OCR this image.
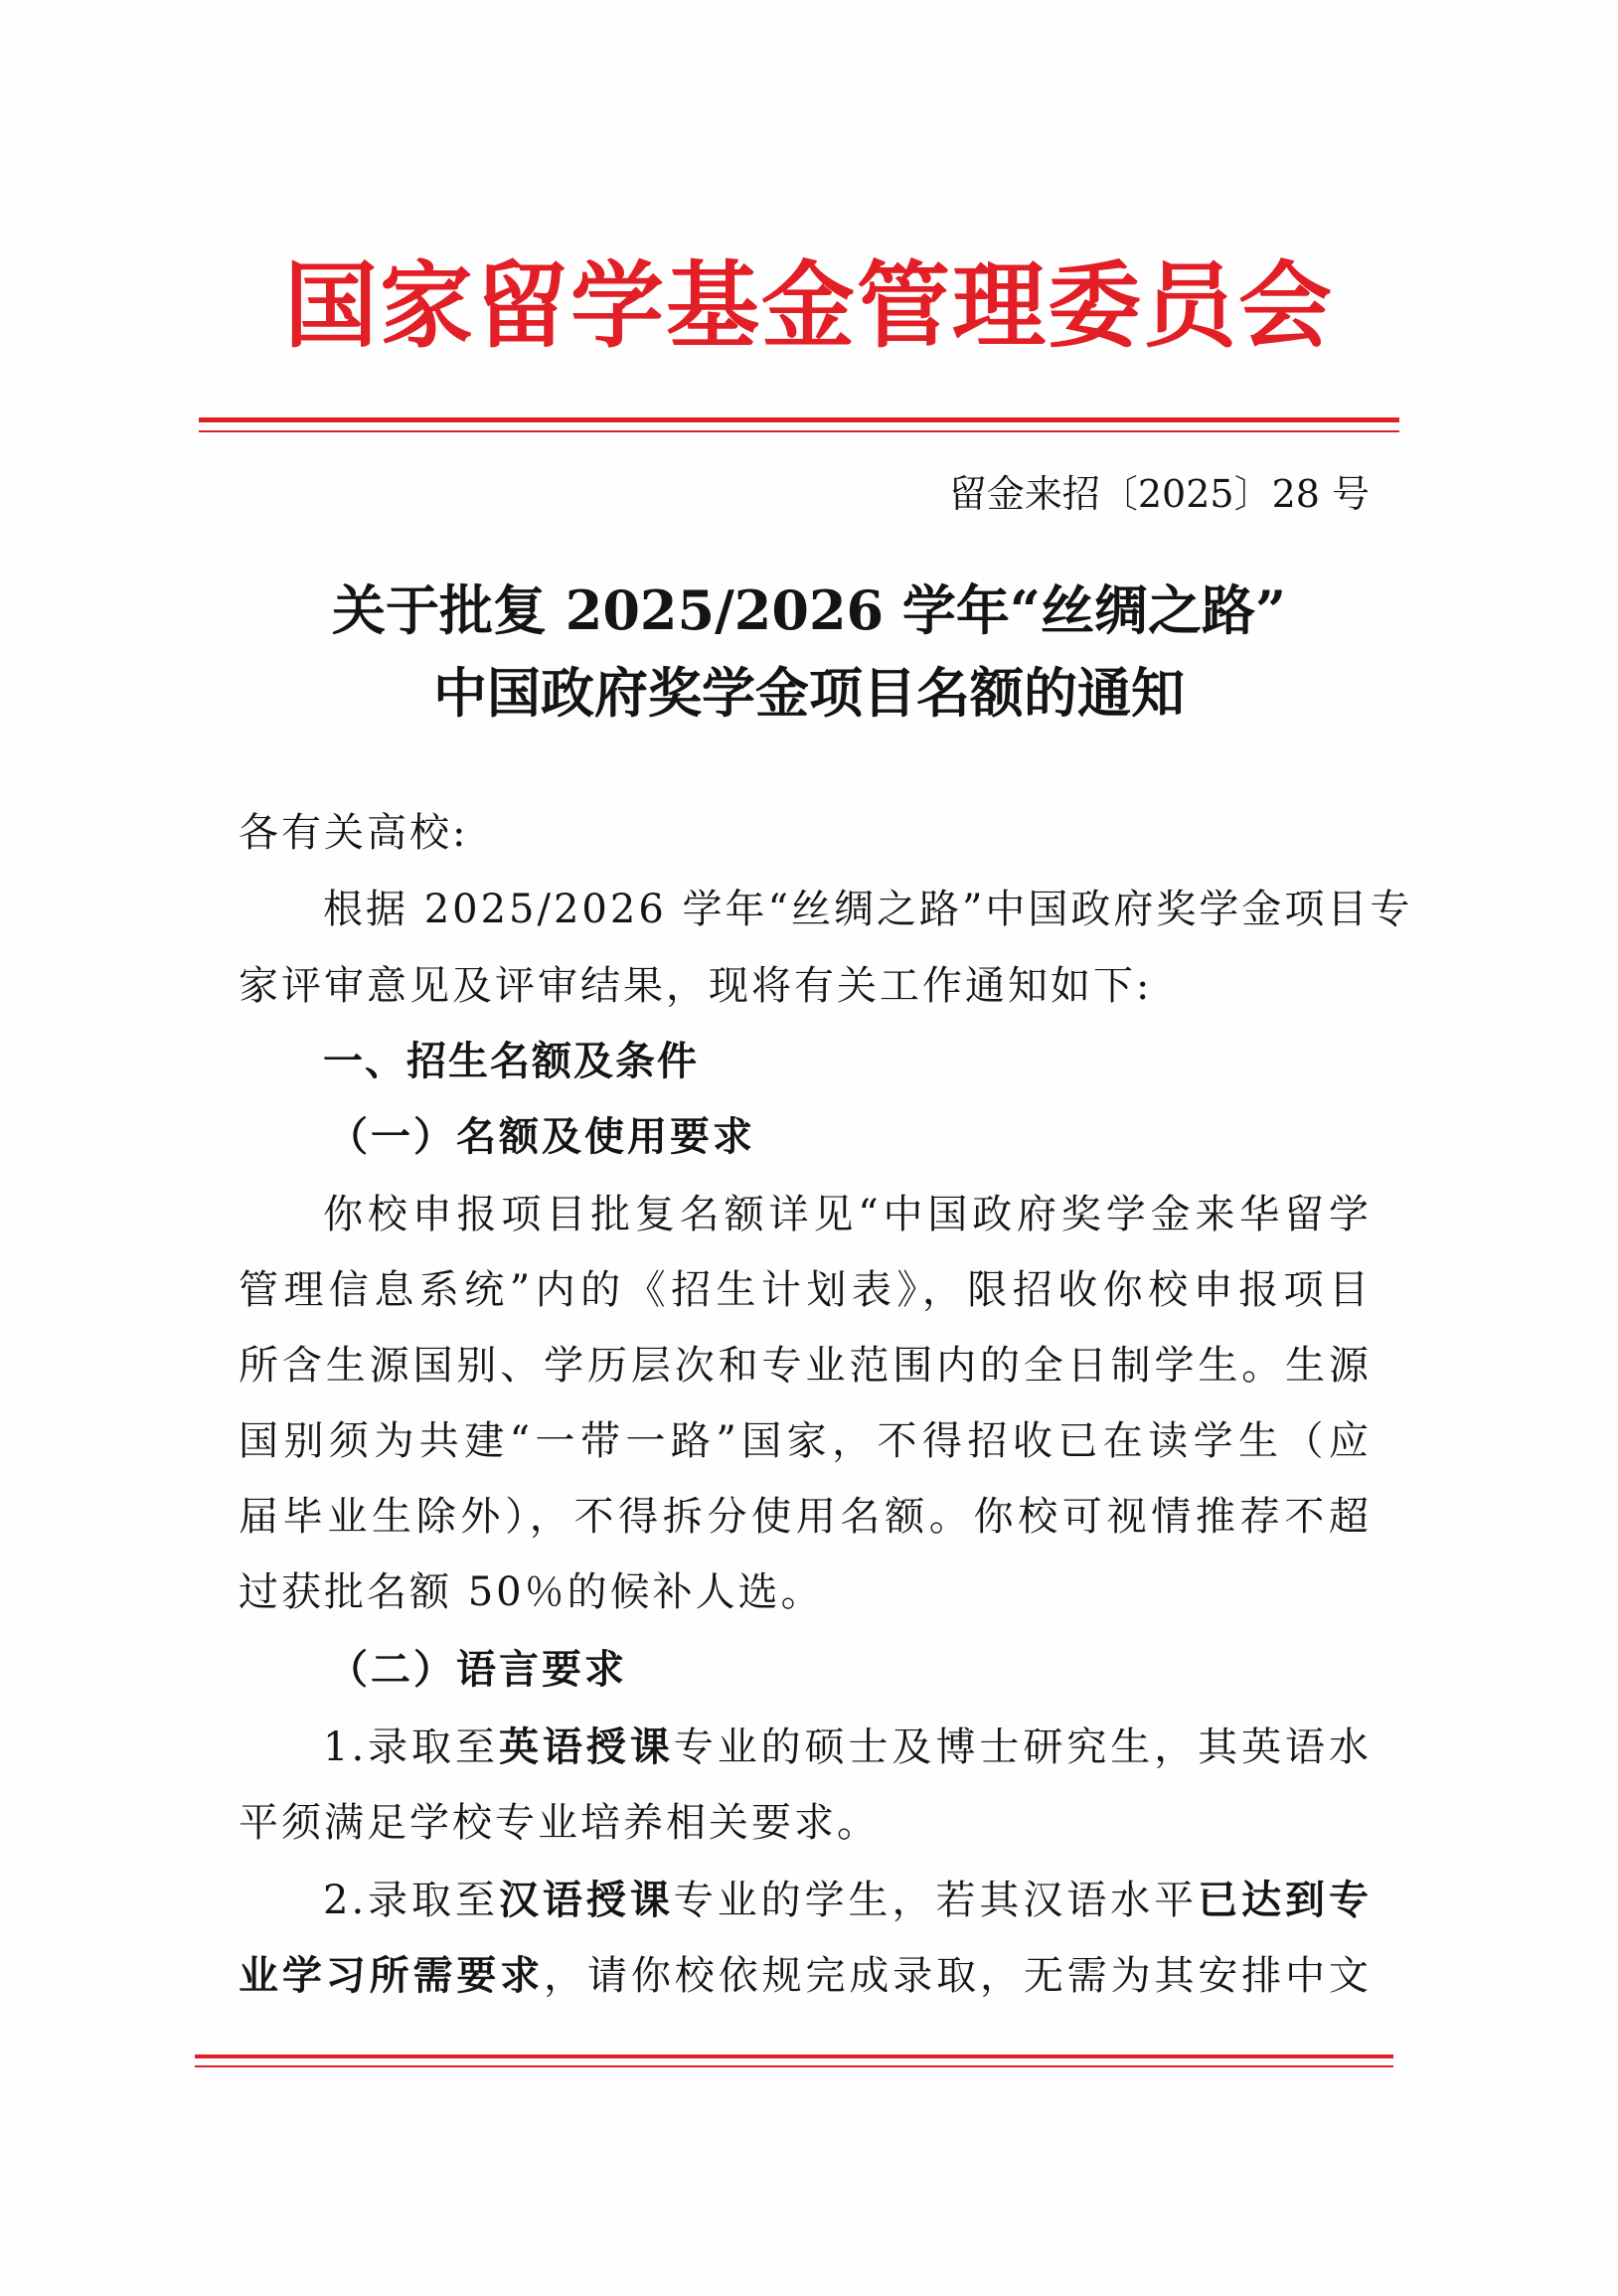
国家留学基金管理委员会
留金来招〔2025〕28 号
关于批复 2025/2026 学年“丝绸之路”
中国政府奖学金项目名额的通知
各有关高校:
根据 2025/2026 学年“丝绸之路”中国政府奖学金项目专
家评审意见及评审结果，现将有关工作通知如下:
一、招生名额及条件
（一）名额及使用要求
你校申报项目批复名额详见“中国政府奖学金来华留学
管理信息系统”内的《招生计划表》，限招收你校申报项目
所含生源国别、学历层次和专业范围内的全日制学生。生源
国别须为共建“一带一路”国家，不得招收已在读学生（应
届毕业生除外），不得拆分使用名额。你校可视情推荐不超
过获批名额 50％的候补人选。
（二）语言要求
1.录取至英语授课专业的硕士及博士研究生，其英语水
平须满足学校专业培养相关要求。
2.录取至汉语授课专业的学生，若其汉语水平已达到专
业学习所需要求，请你校依规完成录取，无需为其安排中文
